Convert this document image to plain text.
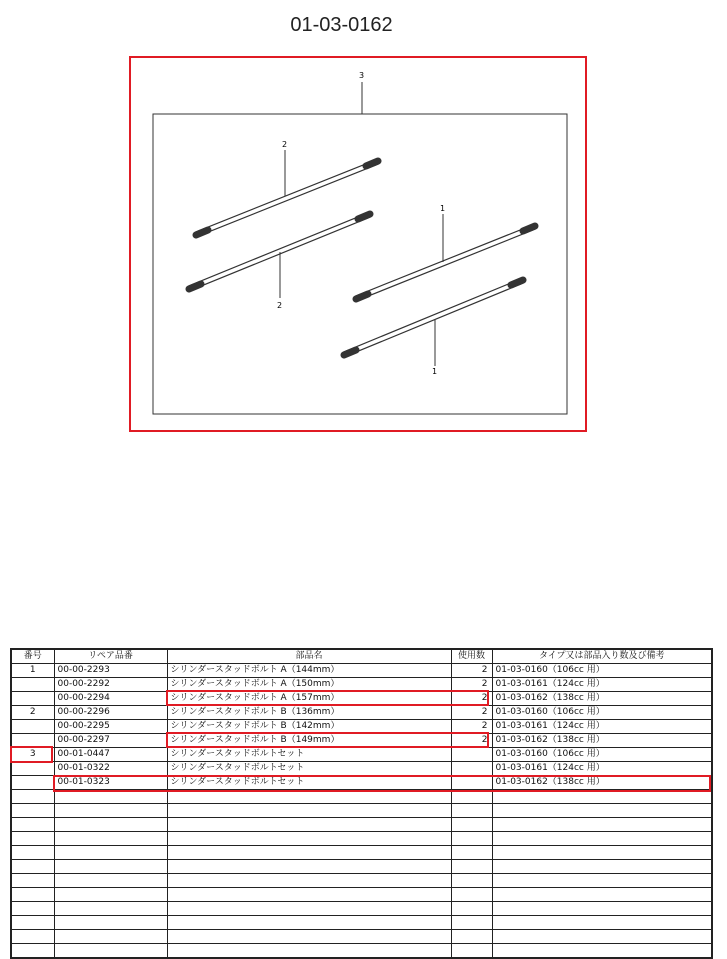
01-03-0162
3
2
2
1
1
番号	リペア品番	部品名	使用数	タイプ又は部品入り数及び備考
1	00-00-2293	シリンダースタッドボルト A（144mm）	2	01-03-0160（106cc 用）
	00-00-2292	シリンダースタッドボルト A（150mm）	2	01-03-0161（124cc 用）
	00-00-2294	シリンダースタッドボルト A（157mm）	2	01-03-0162（138cc 用）
2	00-00-2296	シリンダースタッドボルト B（136mm）	2	01-03-0160（106cc 用）
	00-00-2295	シリンダースタッドボルト B（142mm）	2	01-03-0161（124cc 用）
	00-00-2297	シリンダースタッドボルト B（149mm）	2	01-03-0162（138cc 用）
3	00-01-0447	シリンダースタッドボルトセット		01-03-0160（106cc 用）
	00-01-0322	シリンダースタッドボルトセット		01-03-0161（124cc 用）
	00-01-0323	シリンダースタッドボルトセット		01-03-0162（138cc 用）
